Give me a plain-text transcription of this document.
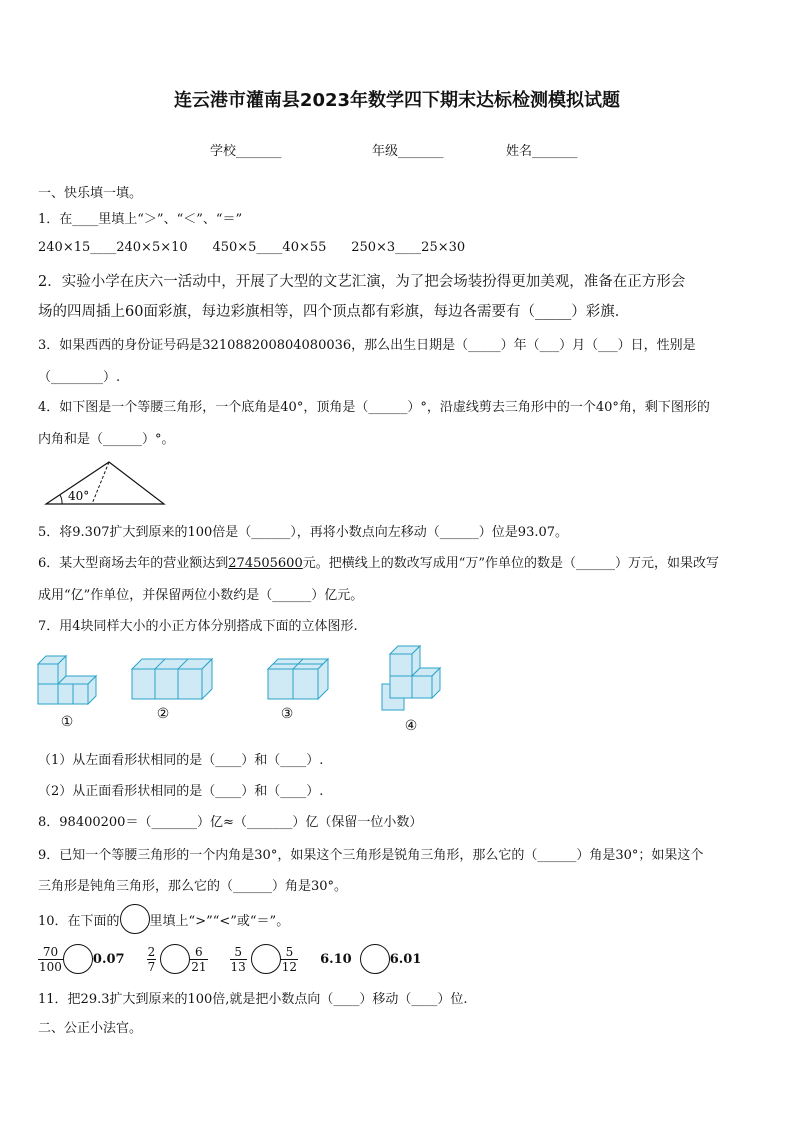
连云港市灌南县2023年数学四下期末达标检测模拟试题
学校_______	年级_______	姓名_______
一、快乐填一填。
1．在____里填上“＞”、“＜”、“＝”
240×15____240×5×10      450×5____40×55      250×3____25×30
2．实验小学在庆六一活动中，开展了大型的文艺汇演，为了把会场装扮得更加美观，准备在正方形会
场的四周插上60面彩旗，每边彩旗相等，四个顶点都有彩旗，每边各需要有（_____）彩旗．
3．如果西西的身份证号码是321088200804080036，那么出生日期是（_____）年（___）月（___）日，性别是
（________）.
4．如下图是一个等腰三角形，一个底角是40°，顶角是（______）°，沿虚线剪去三角形中的一个40°角，剩下图形的
内角和是（______）°。
40°
5．将9.307扩大到原来的100倍是（______），再将小数点向左移动（______）位是93.07。
6．某大型商场去年的营业额达到274505600元。把横线上的数改写成用“万”作单位的数是（______）万元，如果改写
成用“亿”作单位，并保留两位小数约是（______）亿元。
7．用4块同样大小的小正方体分别搭成下面的立体图形.
①	②	③
④
（1）从左面看形状相同的是（____）和（____）.
（2）从正面看形状相同的是（____）和（____）.
8．98400200＝（_______）亿≈（_______）亿（保留一位小数）
9．已知一个等腰三角形的一个内角是30°，如果这个三角形是锐角三角形，那么它的（______）角是30°；如果这个
三角形是钝角三角形，那么它的（______）角是30°。
10．在下面的 里填上“>”“<”或“＝”。
$\frac{70}{100} 0.07 \frac{2}{7}$	$\frac{6}{21} \frac{5}{13}$	$\frac{5}{12} 6.10$	6.01
11．把29.3扩大到原来的100倍,就是把小数点向（____）移动（____）位.
二、公正小法官。
